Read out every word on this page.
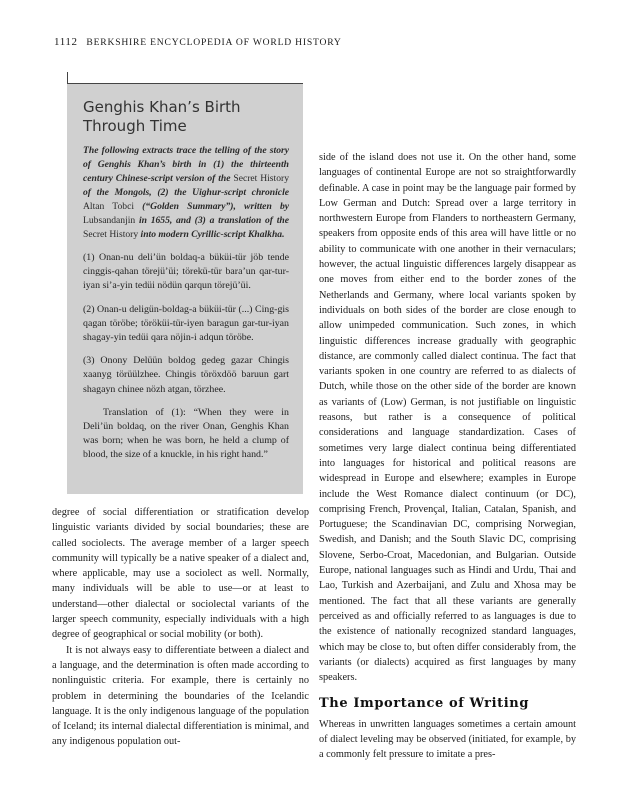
1112 BERKSHIRE ENCYCLOPEDIA OF WORLD HISTORY
Genghis Khan’s Birth
Through Time

The following extracts trace the telling of the story of Genghis Khan’s birth in (1) the thirteenth century Chinese-script version of the Secret History of the Mongols, (2) the Uighur-script chronicle Altan Tobci (“Golden Summary”), written by Lubsandanjin in 1655, and (3) a translation of the Secret History into modern Cyrillic-script Khalkha.

(1) Onan-nu deli’ün boldaq-a büküi-tür jöb tende cinggis-qahan törejü’üi; törekü-tür bara’un qar-tur-iyan si’a-yin tedüi nödün qarqun törejü’üi.

(2) Onan-u deligün-boldag-a büküi-tür (...) Cing-gis qagan töröbe; töröküi-tür-iyen baragun gar-tur-iyan shagay-yin tedüi qara nöjin-i adqun töröbe.

(3) Onony Delüün boldog gedeg gazar Chingis xaanyg törüülzhee. Chingis töröxdöö baruun gart shagayn chinee nözh atgan, törzhee.

Translation of (1): “When they were in Deli’ün boldaq, on the river Onan, Genghis Khan was born; when he was born, he held a clump of blood, the size of a knuckle, in his right hand.”

degree of social differentiation or stratification develop linguistic variants divided by social boundaries; these are called sociolects. The average member of a larger speech community will typically be a native speaker of a dialect and, where applicable, may use a sociolect as well. Normally, many individuals will be able to use—or at least to understand—other dialectal or sociolectal variants of the larger speech community, especially individuals with a high degree of geographical or social mobility (or both).

It is not always easy to differentiate between a dialect and a language, and the determination is often made according to nonlinguistic criteria. For example, there is certainly no problem in determining the boundaries of the Icelandic language. It is the only indigenous language of the population of Iceland; its internal dialectal differentiation is minimal, and any indigenous population out-

side of the island does not use it. On the other hand, some languages of continental Europe are not so straightforwardly definable. A case in point may be the language pair formed by Low German and Dutch: Spread over a large territory in northwestern Europe from Flanders to northeastern Germany, speakers from opposite ends of this area will have little or no ability to communicate with one another in their vernaculars; however, the actual linguistic differences largely disappear as one moves from either end to the border zones of the Netherlands and Germany, where local variants spoken by individuals on both sides of the border are close enough to allow unimpeded communication. Such zones, in which linguistic differences increase gradually with geographic distance, are commonly called dialect continua. The fact that variants spoken in one country are referred to as dialects of Dutch, while those on the other side of the border are known as variants of (Low) German, is not justifiable on linguistic reasons, but rather is a consequence of political considerations and language standardization. Cases of sometimes very large dialect continua being differentiated into languages for historical and political reasons are widespread in Europe and elsewhere; examples in Europe include the West Romance dialect continuum (or DC), comprising French, Provençal, Italian, Catalan, Spanish, and Portuguese; the Scandinavian DC, comprising Norwegian, Swedish, and Danish; and the South Slavic DC, comprising Slovene, Serbo-Croat, Macedonian, and Bulgarian. Outside Europe, national languages such as Hindi and Urdu, Thai and Lao, Turkish and Azerbaijani, and Zulu and Xhosa may be mentioned. The fact that all these variants are generally perceived as and officially referred to as languages is due to the existence of nationally recognized standard languages, which may be close to, but often differ considerably from, the variants (or dialects) acquired as first languages by many speakers.

The Importance of Writing

Whereas in unwritten languages sometimes a certain amount of dialect leveling may be observed (initiated, for example, by a commonly felt pressure to imitate a pres-
